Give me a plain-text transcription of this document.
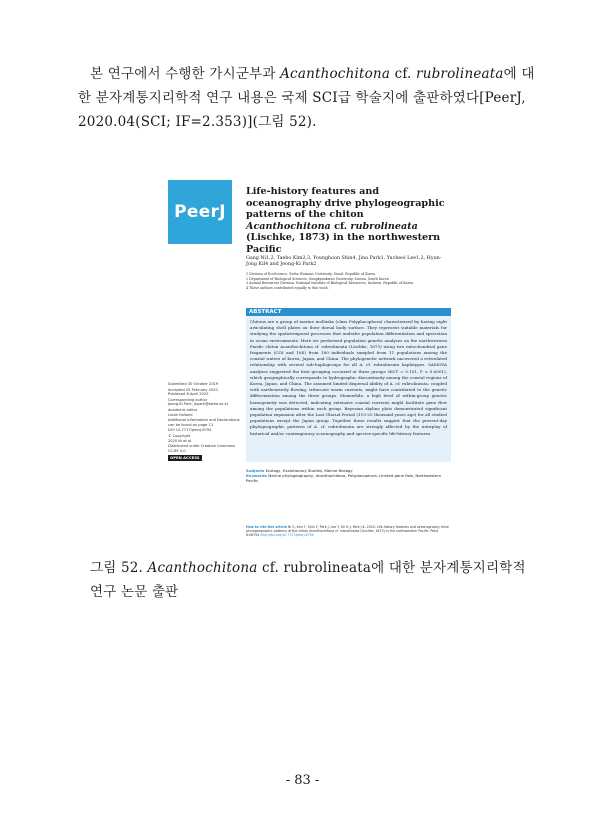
본 연구에서 수행한 가시군부과 Acanthochitona cf. rubrolineata에 대한 분자계통지리학적 연구 내용은 국제 SCI급 학술지에 출판하였다[PeerJ, 2020.04(SCI; IF=2.353)](그림 52).
PeerJ
Life-history features and oceanography drive phylogeographic patterns of the chiton Acanthochitona cf. rubrolineata (Lischke, 1873) in the northwestern Pacific
Gang Ni1,2, Taeho Kim2,3, Younghoon Shin4, Jina Park1, Yucheol Lee1,2, Hyun-Jong Kil4 and Jeong-Ki Park2
1 Division of EcoScience, Ewha Womans University, Seoul, Republic of Korea
2 Department of Biological Sciences, Sungkyunkwan University, Suwon, South Korea
3 Animal Resources Division, National Institute of Biological Resources, Incheon, Republic of Korea
4 These authors contributed equally to this work.
ABSTRACT
Chitons are a group of marine mollusks (class Polyplacophora) characterized by having eight articulating shell plates on their dorsal body surface. They represent suitable materials for studying the spatiotemporal processes that underlie population differentiation and speciation in ocean environments. Here we performed population genetic analyses on the northwestern Pacific chiton Acanthochitona cf. rubrolineata (Lischke, 1873) using two mitochondrial gene fragments (COI and 16S) from 180 individuals sampled from 11 populations among the coastal waters of Korea, Japan, and China. The phylogenetic network uncovered a reticulated relationship with several sub-haplogroups for all A. cf. rubrolineata haplotypes. SAMOVA analyses suggested the best grouping occurred at three groups (ΦCT = 0.151, P < 0.0001), which geographically corresponds to hydrographic discontinuity among the coastal regions of Korea, Japan, and China. The assumed limited dispersal ability of A. cf. rubrolineata, coupled with northeasterly flowing, trifurcate warm currents, might have contributed to the genetic differentiation among the three groups. Meanwhile, a high level of within-group genetic homogeneity was detected, indicating extensive coastal currents might facilitate gene flow among the populations within each group. Bayesian skyline plots demonstrated significant population expansion after the Last Glacial Period (110-25 thousand years ago) for all studied populations except the Japan group. Together these results suggest that the present-day phylogeographic patterns of A. cf. rubrolineata are strongly affected by the interplay of historical and/or contemporary oceanography and species-specific life-history features.
Subjects Ecology, Evolutionary Studies, Marine Biology
Keywords Marine phylogeography, Acanthochitona, Polyplacophora, Limited gene flow, Northwestern Pacific
Submitted 30 October 2019
Accepted 25 February 2020
Published 8 April 2020
Corresponding author
Joong-Ki Park, jkpark@ewha.ac.kr
Academic editor
Linda Holland
Additional Information and Declarations can be found on page 13
DOI 10.7717/peerj.8794
© Copyright
2020 Ni et al.
Distributed under Creative Commons CC-BY 4.0
OPEN ACCESS
How to cite this article Ni G, Kim T, Shin Y, Park J, Lee Y, Kil H-J, Park J-K. 2020. Life-history features and oceanography drive phylogeographic patterns of the chiton Acanthochitona cf. rubrolineata (Lischke, 1873) in the northwestern Pacific. PeerJ 8:e8794 http://doi.org/10.7717/peerj.8794
그림 52. Acanthochitona cf. rubrolineata에 대한 분자계통지리학적 연구 논문 출판
- 83 -
